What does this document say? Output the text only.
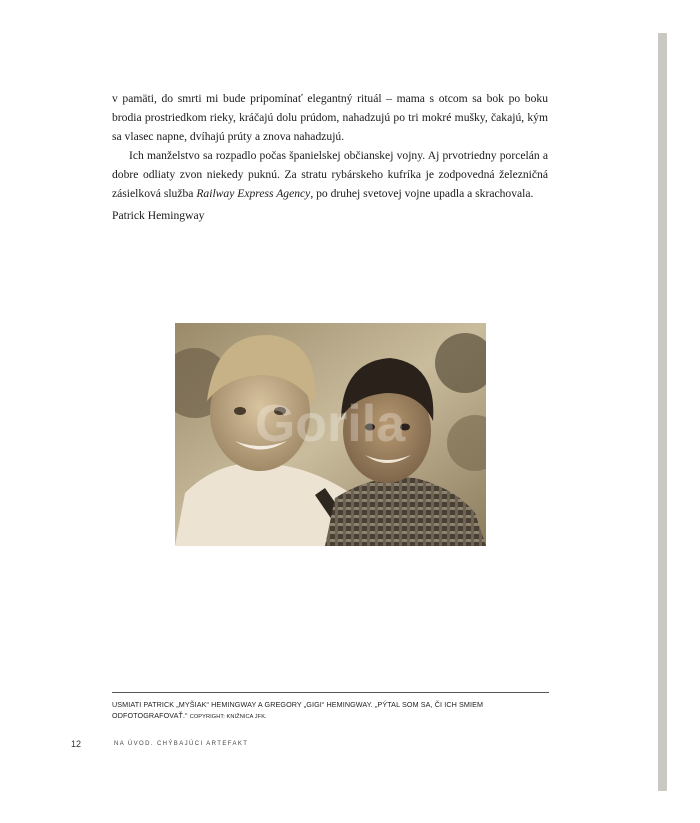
v pamäti, do smrti mi bude pripomínať elegantný rituál – mama s otcom sa bok po boku brodia prostriedkom rieky, kráčajú dolu prúdom, nahadzujú po tri mokré mušky, čakajú, kým sa vlasec napne, dvíhajú prúty a znova nahadzujú.

Ich manželstvo sa rozpadlo počas španielskej občianskej vojny. Aj prvotriedny porcelán a dobre odliaty zvon niekedy puknú. Za stratu rybárskeho kufríka je zodpovedná železničná zásielková služba Railway Express Agency, po druhej svetovej vojne upadla a skrachovala.

Patrick Hemingway
Gorila
USMIATI PATRICK „MYŠIAK“ HEMINGWAY A GREGORY „GIGI“ HEMINGWAY. „PÝTAL SOM SA, ČI ICH SMIEM ODFOTOGRAFOVAŤ.“ COPYRIGHT: KNIŽNICA JFK.
12	NA ÚVOD. CHÝBAJÚCI ARTEFAKT
